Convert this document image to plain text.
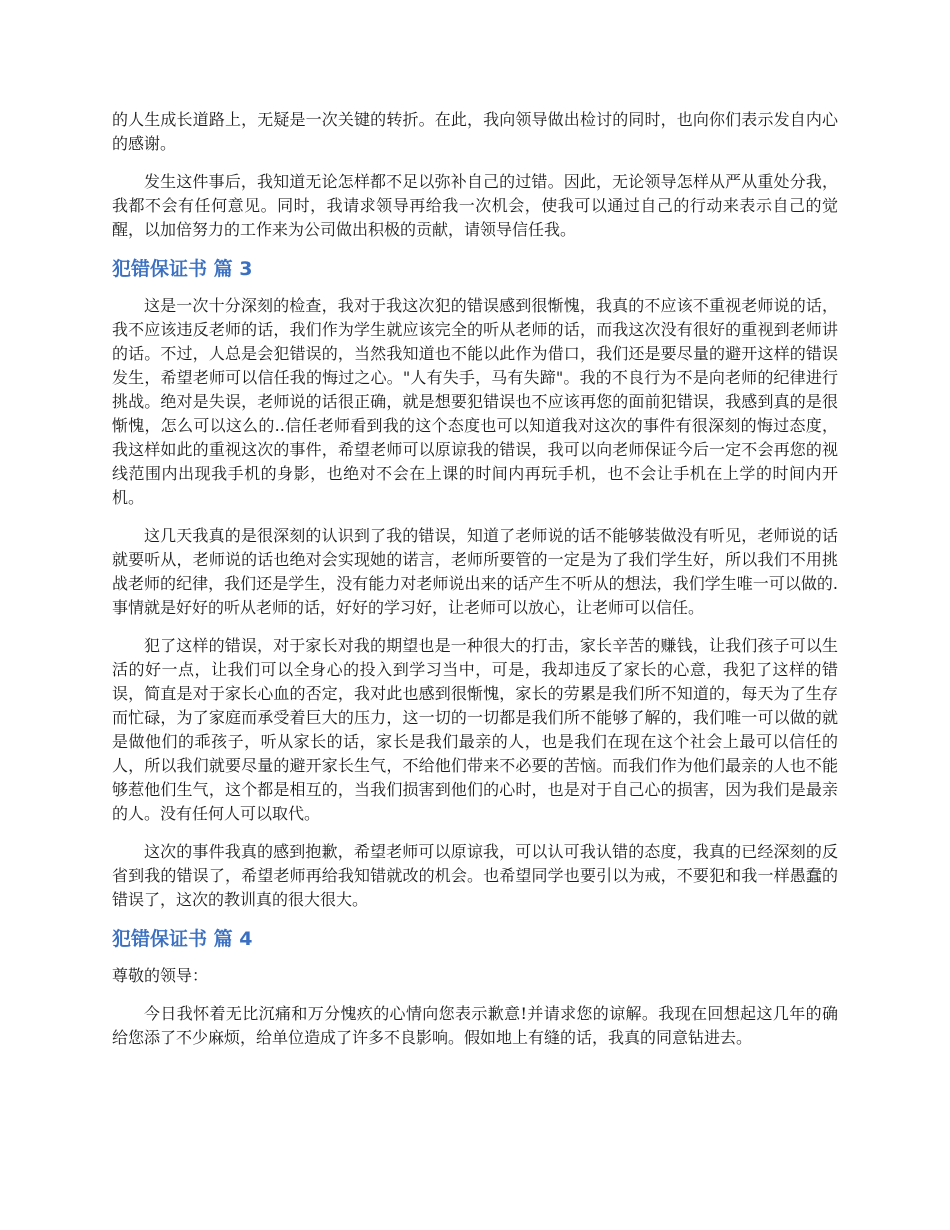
的人生成长道路上，无疑是一次关键的转折。在此，我向领导做出检讨的同时，也向你们表示发自内心的感谢。

发生这件事后，我知道无论怎样都不足以弥补自己的过错。因此，无论领导怎样从严从重处分我，我都不会有任何意见。同时，我请求领导再给我一次机会，使我可以通过自己的行动来表示自己的觉醒，以加倍努力的工作来为公司做出积极的贡献，请领导信任我。

犯错保证书 篇 3

这是一次十分深刻的检查，我对于我这次犯的错误感到很惭愧，我真的不应该不重视老师说的话，我不应该违反老师的话，我们作为学生就应该完全的听从老师的话，而我这次没有很好的重视到老师讲的话。不过，人总是会犯错误的，当然我知道也不能以此作为借口，我们还是要尽量的避开这样的错误发生，希望老师可以信任我的悔过之心。"人有失手，马有失蹄"。我的不良行为不是向老师的纪律进行挑战。绝对是失误，老师说的话很正确，就是想要犯错误也不应该再您的面前犯错误，我感到真的是很惭愧，怎么可以这么的..信任老师看到我的这个态度也可以知道我对这次的事件有很深刻的悔过态度，我这样如此的重视这次的事件，希望老师可以原谅我的错误，我可以向老师保证今后一定不会再您的视线范围内出现我手机的身影，也绝对不会在上课的时间内再玩手机，也不会让手机在上学的时间内开机。

这几天我真的是很深刻的认识到了我的错误，知道了老师说的话不能够装做没有听见，老师说的话就要听从，老师说的话也绝对会实现她的诺言，老师所要管的一定是为了我们学生好，所以我们不用挑战老师的纪律，我们还是学生，没有能力对老师说出来的话产生不听从的想法，我们学生唯一可以做的.事情就是好好的听从老师的话，好好的学习好，让老师可以放心，让老师可以信任。

犯了这样的错误，对于家长对我的期望也是一种很大的打击，家长辛苦的赚钱，让我们孩子可以生活的好一点，让我们可以全身心的投入到学习当中，可是，我却违反了家长的心意，我犯了这样的错误，简直是对于家长心血的否定，我对此也感到很惭愧，家长的劳累是我们所不知道的，每天为了生存而忙碌，为了家庭而承受着巨大的压力，这一切的一切都是我们所不能够了解的，我们唯一可以做的就是做他们的乖孩子，听从家长的话，家长是我们最亲的人，也是我们在现在这个社会上最可以信任的人，所以我们就要尽量的避开家长生气，不给他们带来不必要的苦恼。而我们作为他们最亲的人也不能够惹他们生气，这个都是相互的，当我们损害到他们的心时，也是对于自己心的损害，因为我们是最亲的人。没有任何人可以取代。

这次的事件我真的感到抱歉，希望老师可以原谅我，可以认可我认错的态度，我真的已经深刻的反省到我的错误了，希望老师再给我知错就改的机会。也希望同学也要引以为戒，不要犯和我一样愚蠢的错误了，这次的教训真的很大很大。

犯错保证书 篇 4

尊敬的领导：

今日我怀着无比沉痛和万分愧疚的心情向您表示歉意!并请求您的谅解。我现在回想起这几年的确给您添了不少麻烦，给单位造成了许多不良影响。假如地上有缝的话，我真的同意钻进去。
